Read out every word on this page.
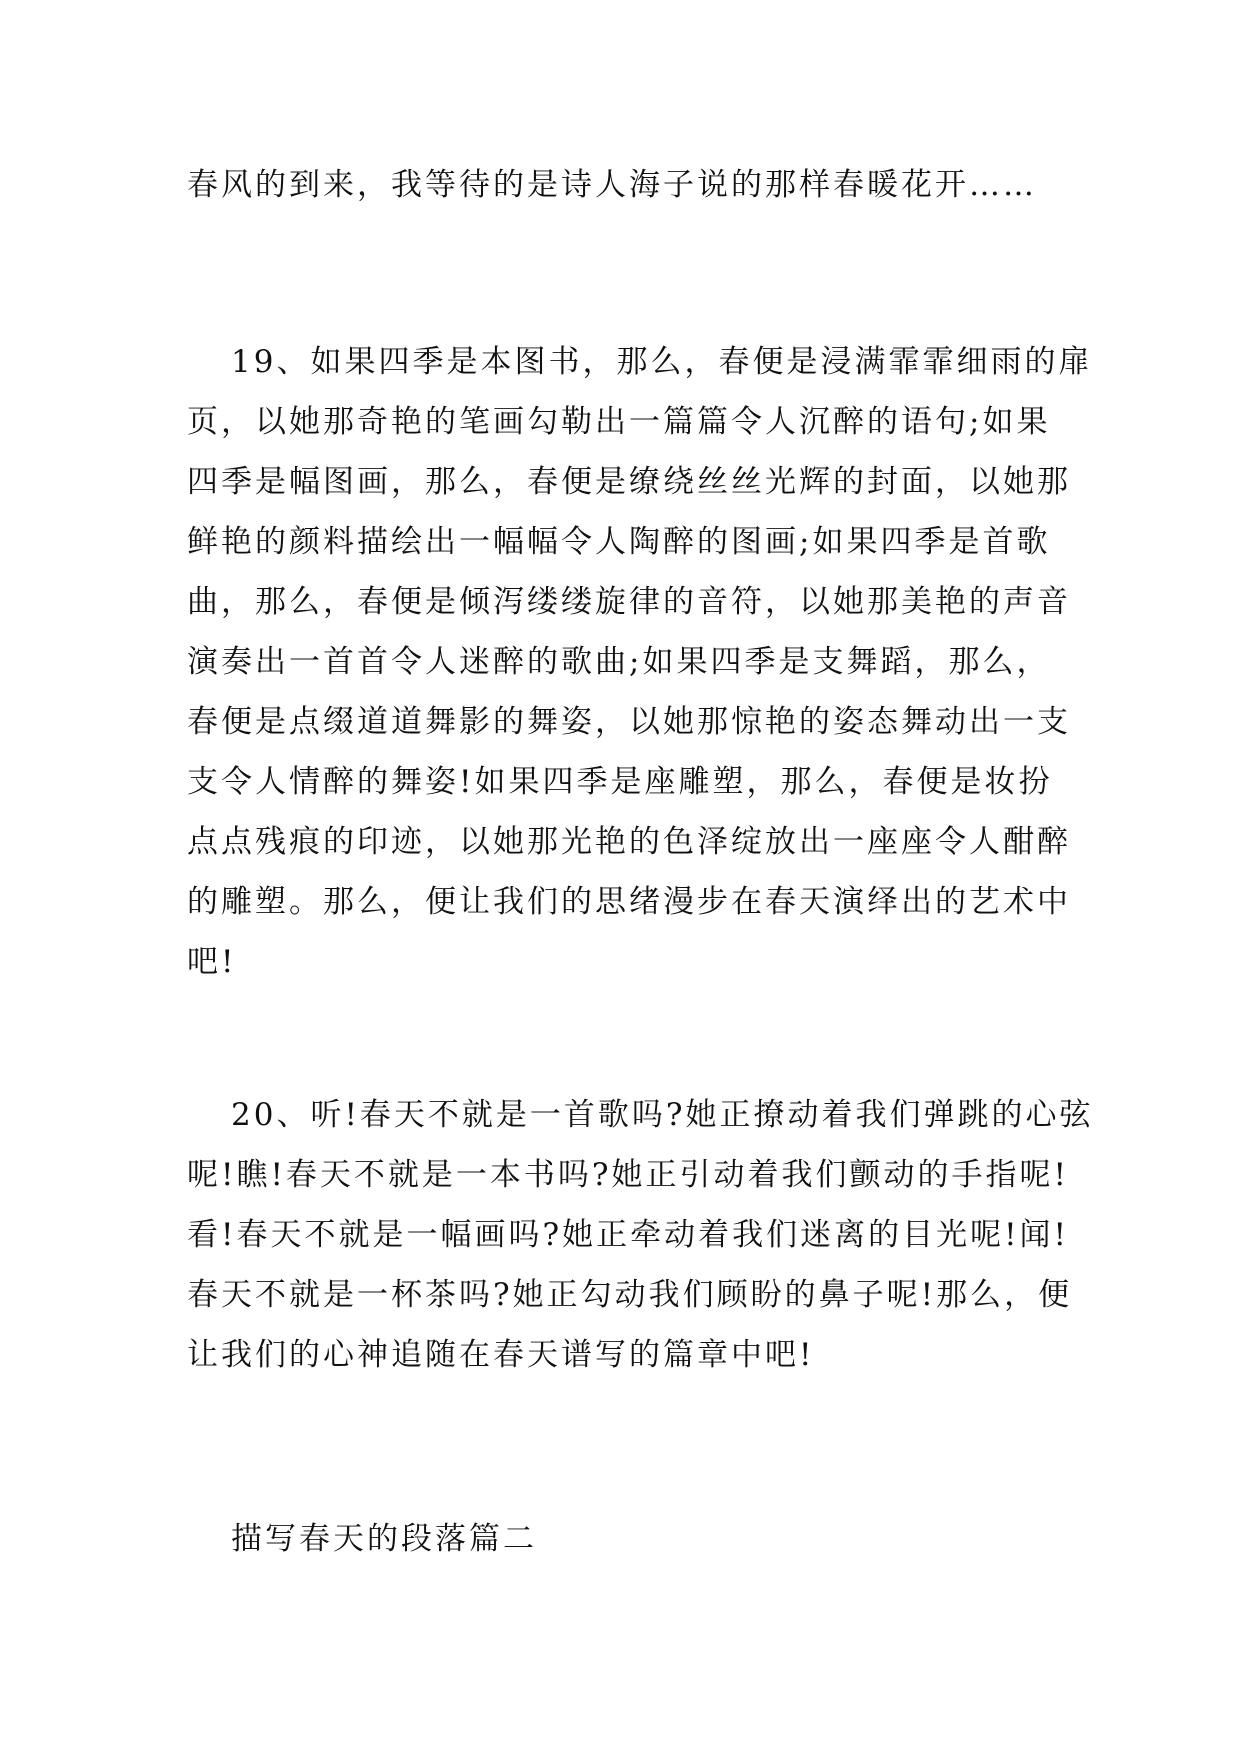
春风的到来，我等待的是诗人海子说的那样春暖花开……
19、如果四季是本图书，那么，春便是浸满霏霏细雨的扉
页，以她那奇艳的笔画勾勒出一篇篇令人沉醉的语句;如果
四季是幅图画，那么，春便是缭绕丝丝光辉的封面，以她那
鲜艳的颜料描绘出一幅幅令人陶醉的图画;如果四季是首歌
曲，那么，春便是倾泻缕缕旋律的音符，以她那美艳的声音
演奏出一首首令人迷醉的歌曲;如果四季是支舞蹈，那么，
春便是点缀道道舞影的舞姿，以她那惊艳的姿态舞动出一支
支令人情醉的舞姿!如果四季是座雕塑，那么，春便是妆扮
点点残痕的印迹，以她那光艳的色泽绽放出一座座令人酣醉
的雕塑。那么，便让我们的思绪漫步在春天演绎出的艺术中
吧!
20、听!春天不就是一首歌吗?她正撩动着我们弹跳的心弦
呢!瞧!春天不就是一本书吗?她正引动着我们颤动的手指呢!
看!春天不就是一幅画吗?她正牵动着我们迷离的目光呢!闻!
春天不就是一杯茶吗?她正勾动我们顾盼的鼻子呢!那么，便
让我们的心神追随在春天谱写的篇章中吧!
描写春天的段落篇二
